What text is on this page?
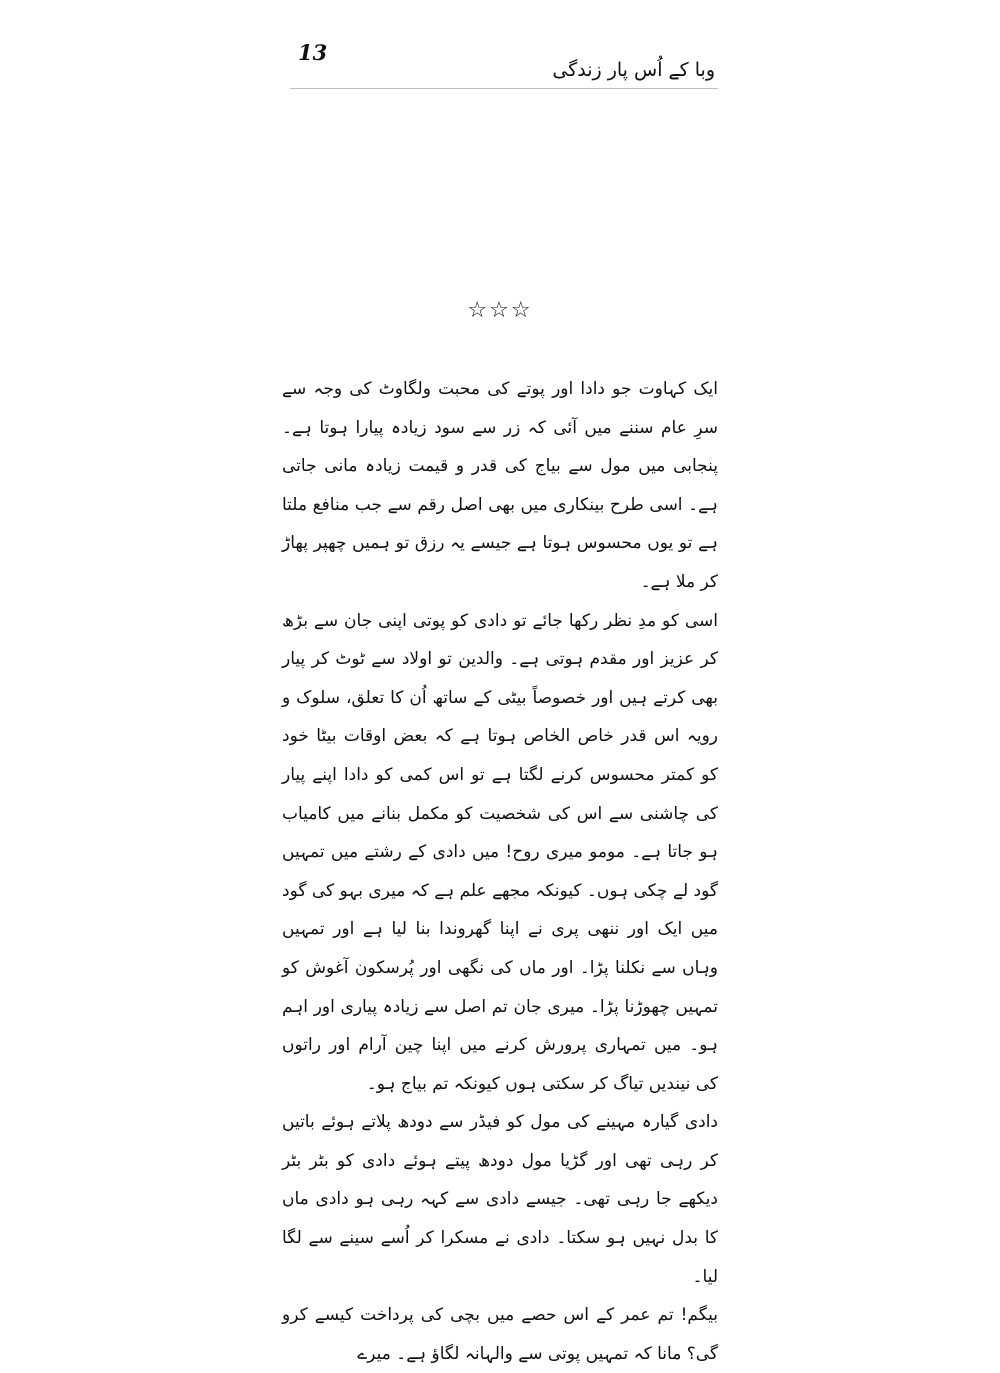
13
وبا کے اُس پار زندگی
☆☆☆

ایک کہاوت جو دادا اور پوتے کی محبت ولگاوٹ کی وجہ سے سرِ عام سننے میں آئی کہ زر سے سود زیادہ پیارا ہوتا ہے۔ پنجابی میں مول سے بیاج کی قدر و قیمت زیادہ مانی جاتی ہے۔ اسی طرح بینکاری میں بھی اصل رقم سے جب منافع ملتا ہے تو یوں محسوس ہوتا ہے جیسے یہ رزق تو ہمیں چھپر پھاڑ کر ملا ہے۔

اسی کو مدِ نظر رکھا جائے تو دادی کو پوتی اپنی جان سے بڑھ کر عزیز اور مقدم ہوتی ہے۔ والدین تو اولاد سے ٹوٹ کر پیار بھی کرتے ہیں اور خصوصاً بیٹی کے ساتھ اُن کا تعلق، سلوک و رویہ اس قدر خاص الخاص ہوتا ہے کہ بعض اوقات بیٹا خود کو کمتر محسوس کرنے لگتا ہے تو اس کمی کو دادا اپنے پیار کی چاشنی سے اس کی شخصیت کو مکمل بنانے میں کامیاب ہو جاتا ہے۔ مومو میری روح! میں دادی کے رشتے میں تمہیں گود لے چکی ہوں۔ کیونکہ مجھے علم ہے کہ میری بہو کی گود میں ایک اور ننھی پری نے اپنا گھروندا بنا لیا ہے اور تمہیں وہاں سے نکلنا پڑا۔ اور ماں کی نگھی اور پُرسکون آغوش کو تمہیں چھوڑنا پڑا۔ میری جان تم اصل سے زیادہ پیاری اور اہم ہو۔ میں تمہاری پرورش کرنے میں اپنا چین آرام اور راتوں کی نیندیں تیاگ کر سکتی ہوں کیونکہ تم بیاج ہو۔

دادی گیارہ مہینے کی مول کو فیڈر سے دودھ پلاتے ہوئے باتیں کر رہی تھی اور گڑیا مول دودھ پیتے ہوئے دادی کو بٹر بٹر دیکھے جا رہی تھی۔ جیسے دادی سے کہہ رہی ہو دادی ماں کا بدل نہیں ہو سکتا۔ دادی نے مسکرا کر اُسے سینے سے لگا لیا۔

بیگم! تم عمر کے اس حصے میں بچی کی پرداخت کیسے کرو گی؟ مانا کہ تمہیں پوتی سے والہانہ لگاؤ ہے۔ میرے
